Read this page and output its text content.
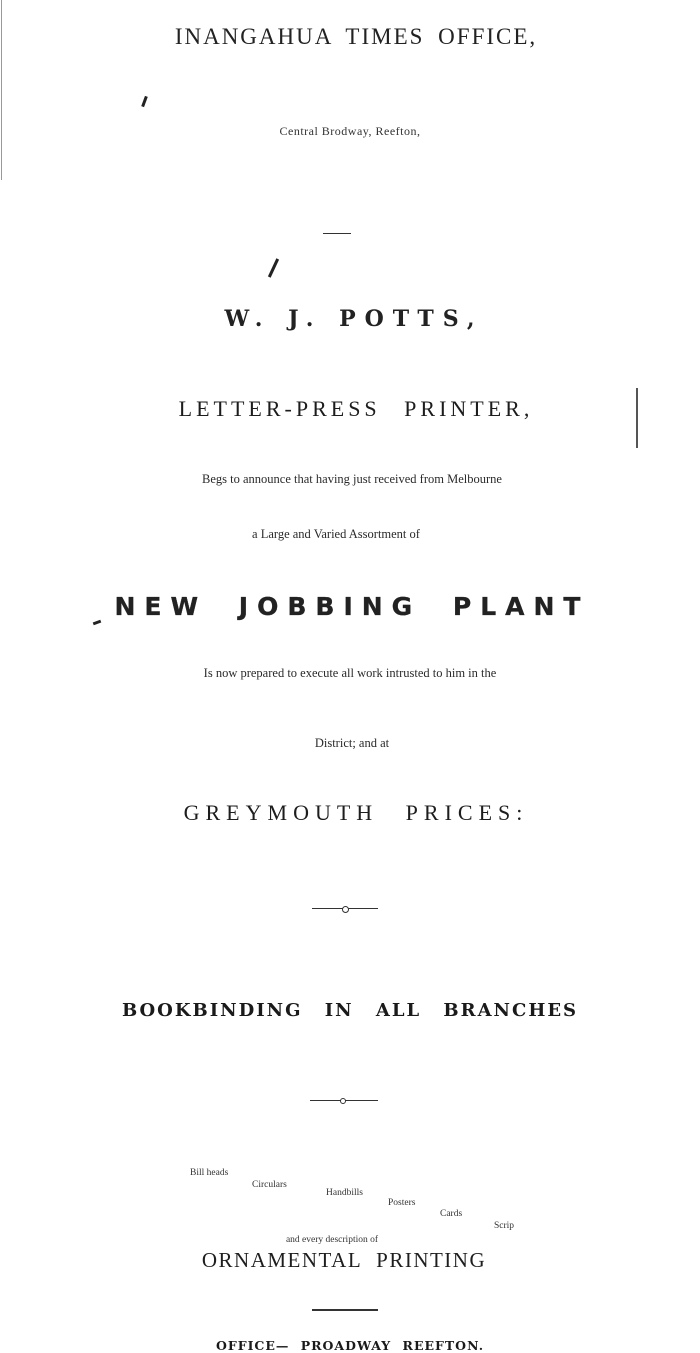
INANGAHUA TIMES OFFICE,
Central Brodway, Reefton,
W. J. POTTS,
LETTER-PRESS PRINTER,
Begs to announce that having just received from Melbourne
a Large and Varied Assortment of
NEW JOBBING PLANT
Is now prepared to execute all work intrusted to him in the
District; and at
GREYMOUTH PRICES:
BOOKBINDING IN ALL BRANCHES
Bill heads
Circulars
Handbills
Posters
Cards
Scrip
and every description of
ORNAMENTAL PRINTING
OFFICE— PROADWAY REEFTON.
